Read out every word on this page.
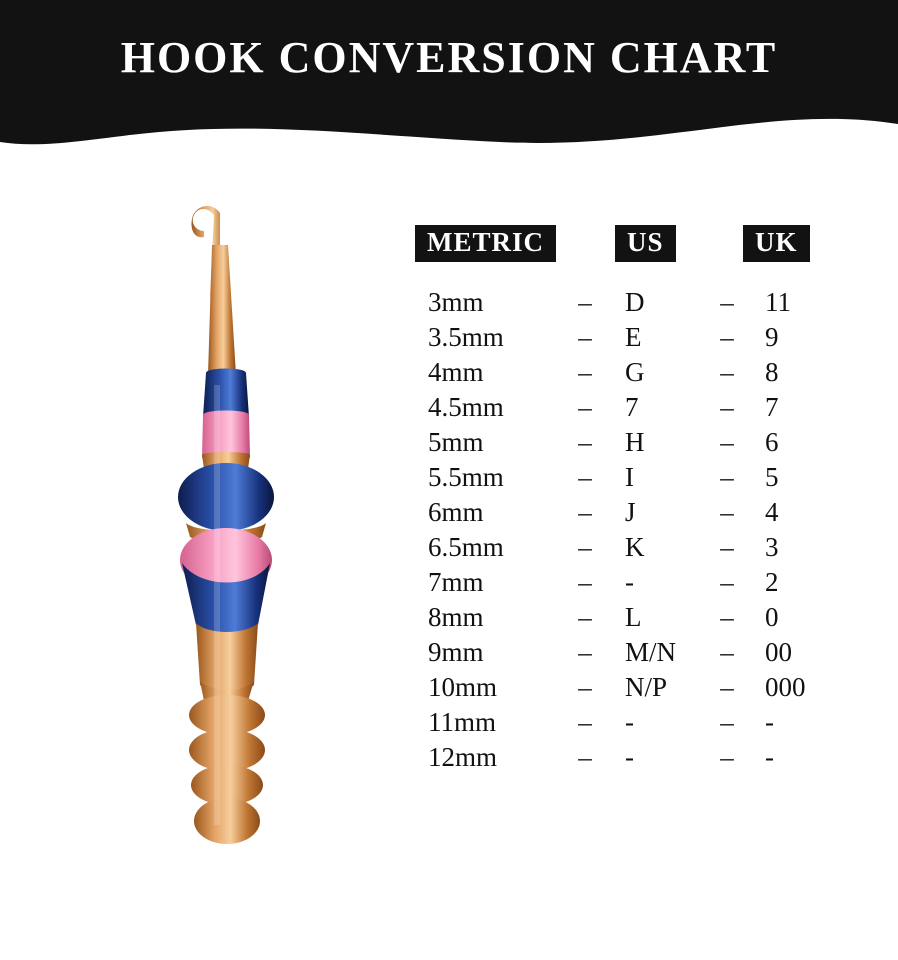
HOOK CONVERSION CHART
METRIC	US	UK
3mm	– D	– 11
3.5mm	– E	– 9
4mm	– G	– 8
4.5mm	– 7	– 7
5mm	– H	– 6
5.5mm	– I	– 5
6mm	– J	– 4
6.5mm	– K	– 3
7mm	– -	– 2
8mm	– L	– 0
9mm	– M/N	– 00
10mm	– N/P	– 000
11mm	– -	– -
12mm	– -	– -
